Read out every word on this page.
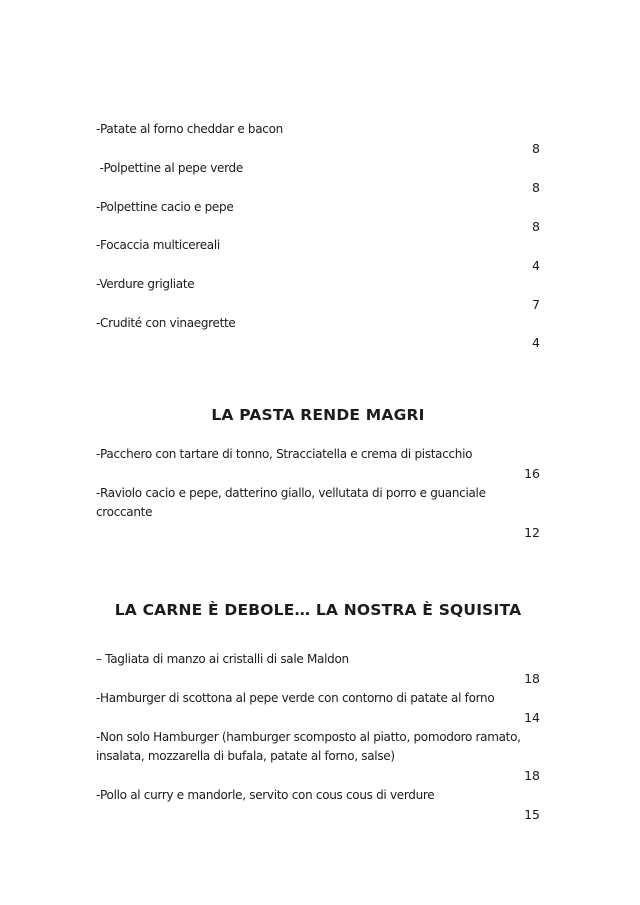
-Patate al forno cheddar e bacon
8
-Polpettine al pepe verde
8
-Polpettine cacio e pepe
8
-Focaccia multicereali
4
-Verdure grigliate
7
-Crudité con vinaegrette
4
LA PASTA RENDE MAGRI
-Pacchero con tartare di tonno, Stracciatella e crema di pistacchio
16
-Raviolo cacio e pepe, datterino giallo, vellutata di porro e guanciale
croccante
12
LA CARNE È DEBOLE… LA NOSTRA È SQUISITA
– Tagliata di manzo ai cristalli di sale Maldon
18
-Hamburger di scottona al pepe verde con contorno di patate al forno
14
-Non solo Hamburger (hamburger scomposto al piatto, pomodoro ramato,
insalata, mozzarella di bufala, patate al forno, salse)
18
-Pollo al curry e mandorle, servito con cous cous di verdure
15
